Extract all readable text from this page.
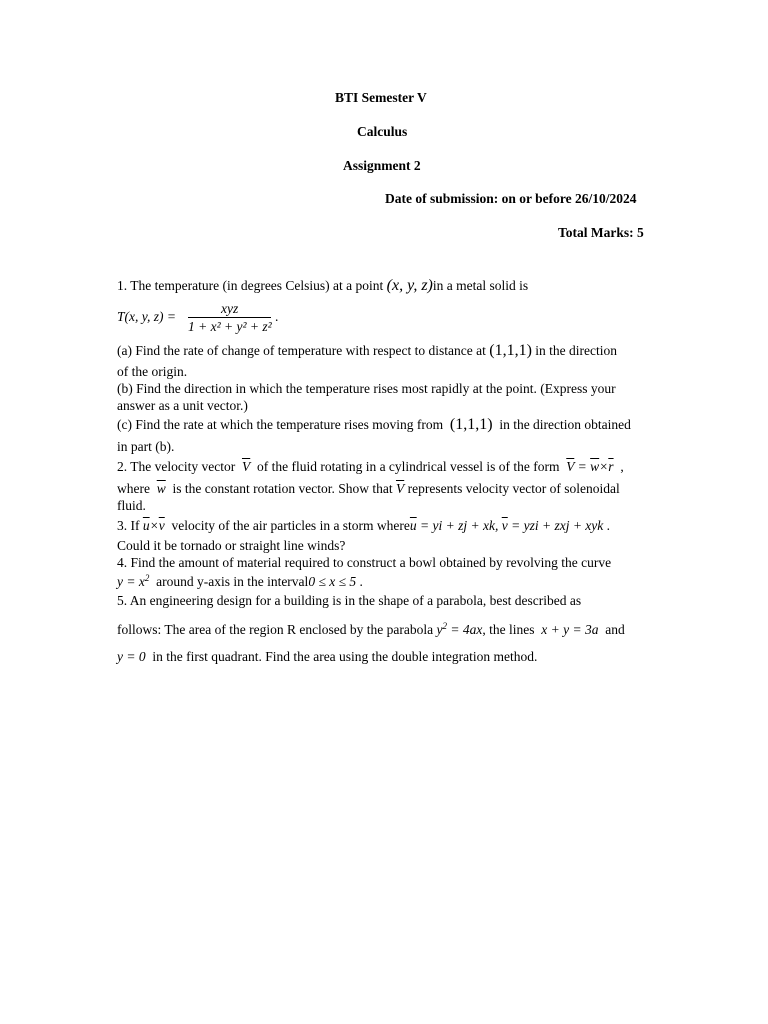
BTI Semester V
Calculus
Assignment 2
Date of submission: on or before 26/10/2024
Total Marks: 5
1. The temperature (in degrees Celsius) at a point (x, y, z)in a metal solid is
T(x, y, z) =
xyz
1 + x² + y² + z²
.
(a) Find the rate of change of temperature with respect to distance at (1,1,1) in the direction
of the origin.
(b) Find the direction in which the temperature rises most rapidly at the point. (Express your
answer as a unit vector.)
(c) Find the rate at which the temperature rises moving from (1,1,1) in the direction obtained
in part (b).
2. The velocity vector $\overline{V}$ of the fluid rotating in a cylindrical vessel is of the form $\overline{V} = \overline{w}\times\overline{r}$  ,
where $\overline{w}$ is the constant rotation vector. Show that $\overline{V}$ represents velocity vector of solenoidal
fluid.
3. If $\overline{u}\times\overline{v}$ velocity of the air particles in a storm $where\overline{u}$ = yi + zj + xk, $\overline{v}$ = yzi + zxj + xyk .
Could it be tornado or straight line winds?
4. Find the amount of material required to construct a bowl obtained by revolving the curve
$y = x^2$ around y-axis in the interval0 ≤ x ≤ 5 .
5. An engineering design for a building is in the shape of a parabola, best described as
follows: The area of the region R enclosed by the parabola $y^2 = 4ax$, the lines x + y = 3a and
y = 0 in the first quadrant. Find the area using the double integration method.
